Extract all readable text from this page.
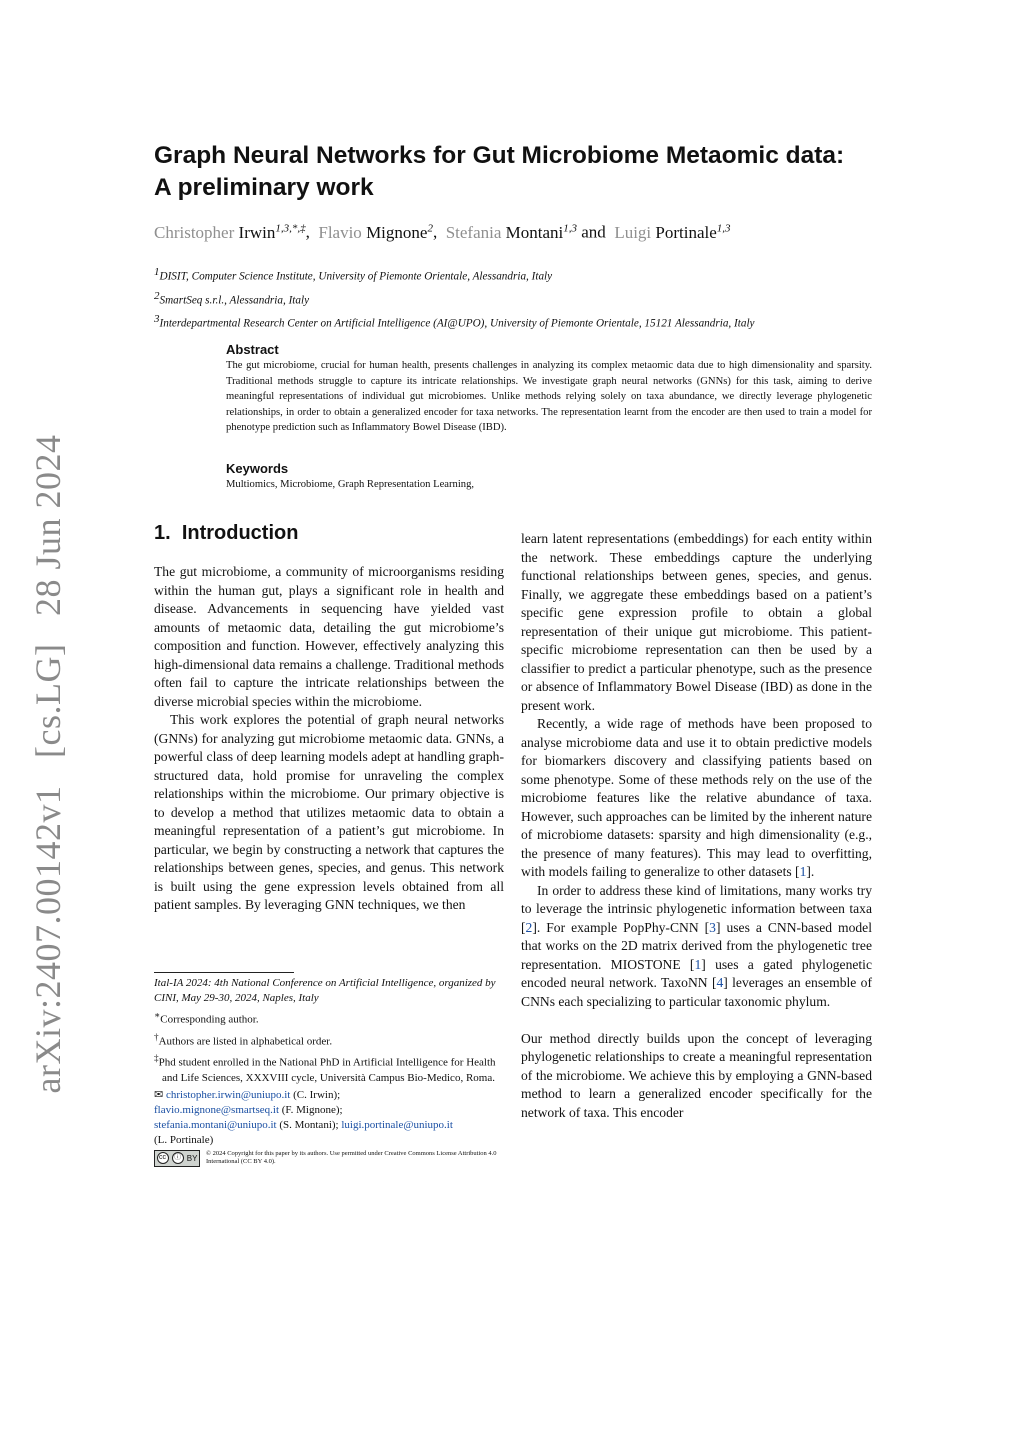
arXiv:2407.00142v1 [cs.LG] 28 Jun 2024
Graph Neural Networks for Gut Microbiome Metaomic data:
A preliminary work
Christopher Irwin$^{1,3,*,\ddagger}$,  Flavio Mignone$^2$,  Stefania Montani$^{1,3}$ and Luigi Portinale$^{1,3}$
$^1$DISIT, Computer Science Institute, University of Piemonte Orientale, Alessandria, Italy
$^2$SmartSeq s.r.l., Alessandria, Italy
$^3$Interdepartmental Research Center on Artificial Intelligence (AI@UPO), University of Piemonte Orientale, 15121 Alessandria, Italy
Abstract
The gut microbiome, crucial for human health, presents challenges in analyzing its complex metaomic data due to high dimensionality and sparsity. Traditional methods struggle to capture its intricate relationships. We investigate graph neural networks (GNNs) for this task, aiming to derive meaningful representations of individual gut microbiomes. Unlike methods relying solely on taxa abundance, we directly leverage phylogenetic relationships, in order to obtain a generalized encoder for taxa networks. The representation learnt from the encoder are then used to train a model for phenotype prediction such as Inflammatory Bowel Disease (IBD).
Keywords
Multiomics, Microbiome, Graph Representation Learning,
1. Introduction

The gut microbiome, a community of microorganisms residing within the human gut, plays a significant role in health and disease. Advancements in sequencing have yielded vast amounts of metaomic data, detailing the gut microbiome’s composition and function. However, effectively analyzing this high-dimensional data remains a challenge. Traditional methods often fail to capture the intricate relationships between the diverse microbial species within the microbiome.

This work explores the potential of graph neural networks (GNNs) for analyzing gut microbiome metaomic data. GNNs, a powerful class of deep learning models adept at handling graph-structured data, hold promise for unraveling the complex relationships within the microbiome. Our primary objective is to develop a method that utilizes metaomic data to obtain a meaningful representation of a patient’s gut microbiome. In particular, we begin by constructing a network that captures the relationships between genes, species, and genus. This network is built using the gene expression levels obtained from all patient samples. By leveraging GNN techniques, we then

Ital-IA 2024: 4th National Conference on Artificial Intelligence, organized by CINI, May 29-30, 2024, Naples, Italy

∗Corresponding author.

†Authors are listed in alphabetical order.

‡Phd student enrolled in the National PhD in Artificial Intelligence for Health and Life Sciences, XXXVIII cycle, Università Campus Bio-Medico, Roma.

✉ christopher.irwin@uniupo.it (C. Irwin);
flavio.mignone@smartseq.it (F. Mignone);
stefania.montani@uniupo.it (S. Montani); luigi.portinale@uniupo.it
(L. Portinale)

cc	ⓘ BY
© 2024 Copyright for this paper by its authors. Use permitted under Creative Commons License Attribution 4.0 International (CC BY 4.0).

learn latent representations (embeddings) for each entity within the network. These embeddings capture the underlying functional relationships between genes, species, and genus. Finally, we aggregate these embeddings based on a patient’s specific gene expression profile to obtain a global representation of their unique gut microbiome. This patient-specific microbiome representation can then be used by a classifier to predict a particular phenotype, such as the presence or absence of Inflammatory Bowel Disease (IBD) as done in the present work.

Recently, a wide rage of methods have been proposed to analyse microbiome data and use it to obtain predictive models for biomarkers discovery and classifying patients based on some phenotype. Some of these methods rely on the use of the microbiome features like the relative abundance of taxa. However, such approaches can be limited by the inherent nature of microbiome datasets: sparsity and high dimensionality (e.g., the presence of many features). This may lead to overfitting, with models failing to generalize to other datasets [1].

In order to address these kind of limitations, many works try to leverage the intrinsic phylogenetic information between taxa [2]. For example PopPhy-CNN [3] uses a CNN-based model that works on the 2D matrix derived from the phylogenetic tree representation. MIOSTONE [1] uses a gated phylogenetic encoded neural network. TaxoNN [4] leverages an ensemble of CNNs each specializing to particular taxonomic phylum.

Our method directly builds upon the concept of leveraging phylogenetic relationships to create a meaningful representation of the microbiome. We achieve this by employing a GNN-based method to learn a generalized encoder specifically for the network of taxa. This encoder
